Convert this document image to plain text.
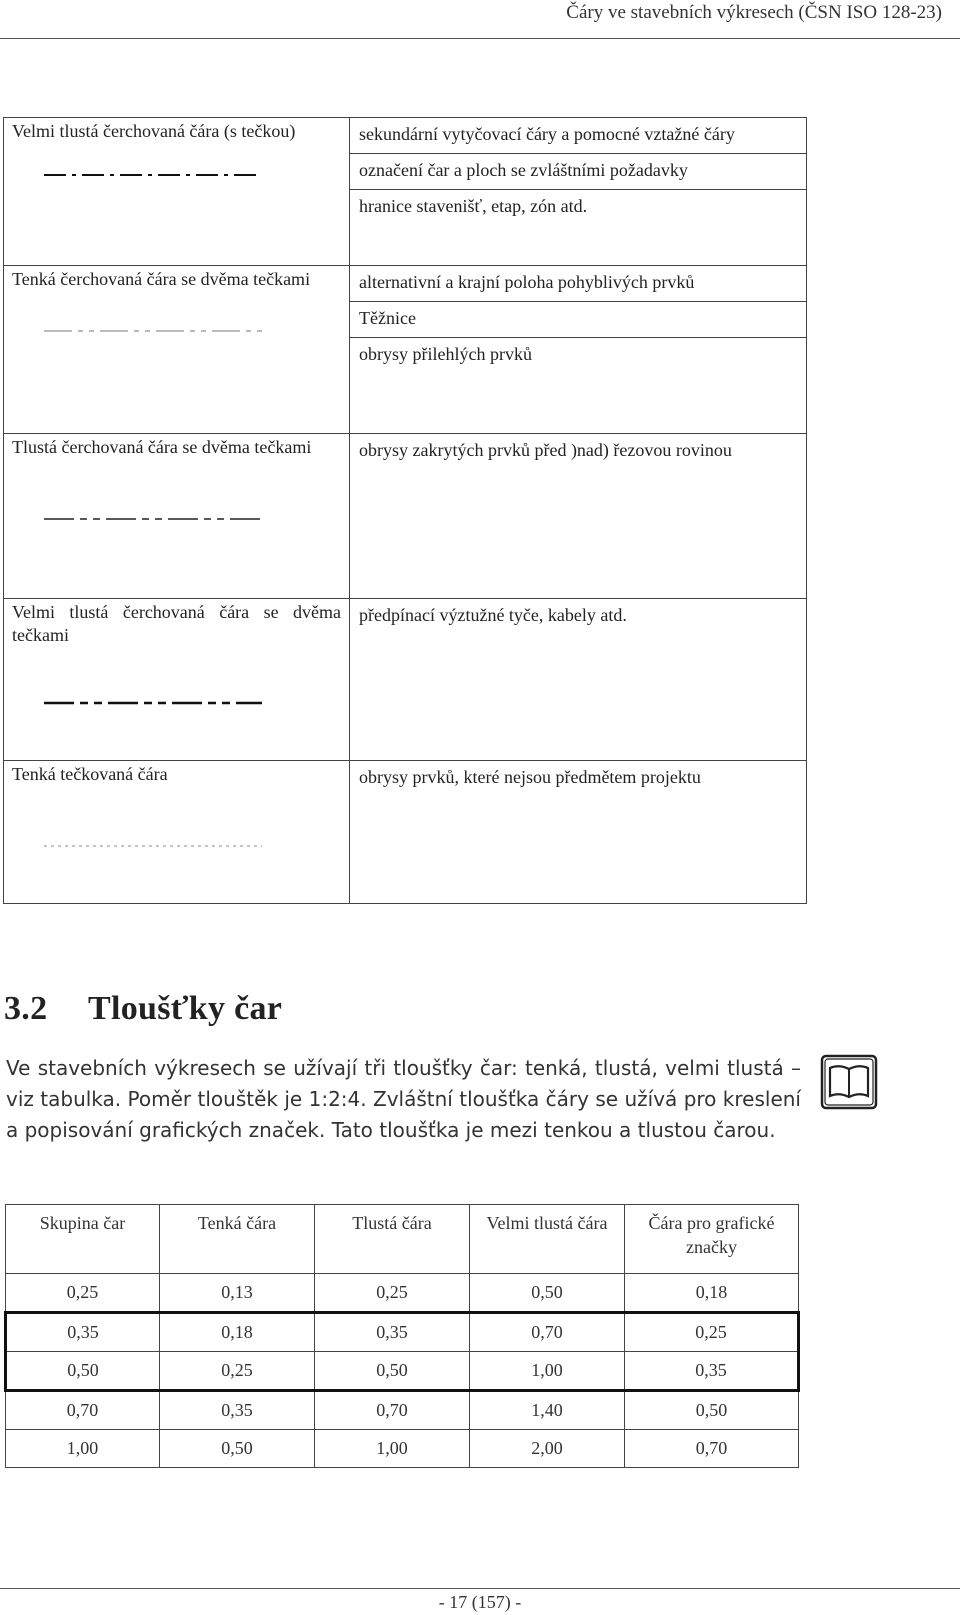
Čáry ve stavebních výkresech (ČSN ISO 128-23)
Velmi tlustá čerchovaná čára (s tečkou)	sekundární vytyčovací čáry a pomocné vztažné čáry
označení čar a ploch se zvláštními požadavky
hranice stavenišť, etap, zón atd.

Tenká čerchovaná čára se dvěma tečkami	alternativní a krajní poloha pohyblivých prvků
Těžnice
obrysy přilehlých prvků

Tlustá čerchovaná čára se dvěma tečkami	obrysy zakrytých prvků před )nad) řezovou rovinou

Velmi tlustá čerchovaná čára se dvěma tečkami	předpínací výztužné tyče, kabely atd.

Tenká tečkovaná čára	obrysy prvků, které nejsou předmětem projektu
3.2 Tloušťky čar
Ve stavebních výkresech se užívají tři tloušťky čar: tenká, tlustá, velmi tlustá – viz tabulka. Poměr tlouštěk je 1:2:4. Zvláštní tloušťka čáry se užívá pro kreslení a popisování grafických značek. Tato tloušťka je mezi tenkou a tlustou čarou.
Skupina čar	Tenká čára	Tlustá čára	Velmi tlustá čára	Čára pro grafické značky
0,25	0,13	0,25	0,50	0,18
0,35	0,18	0,35	0,70	0,25
0,50	0,25	0,50	1,00	0,35
0,70	0,35	0,70	1,40	0,50
1,00	0,50	1,00	2,00	0,70
- 17 (157) -
